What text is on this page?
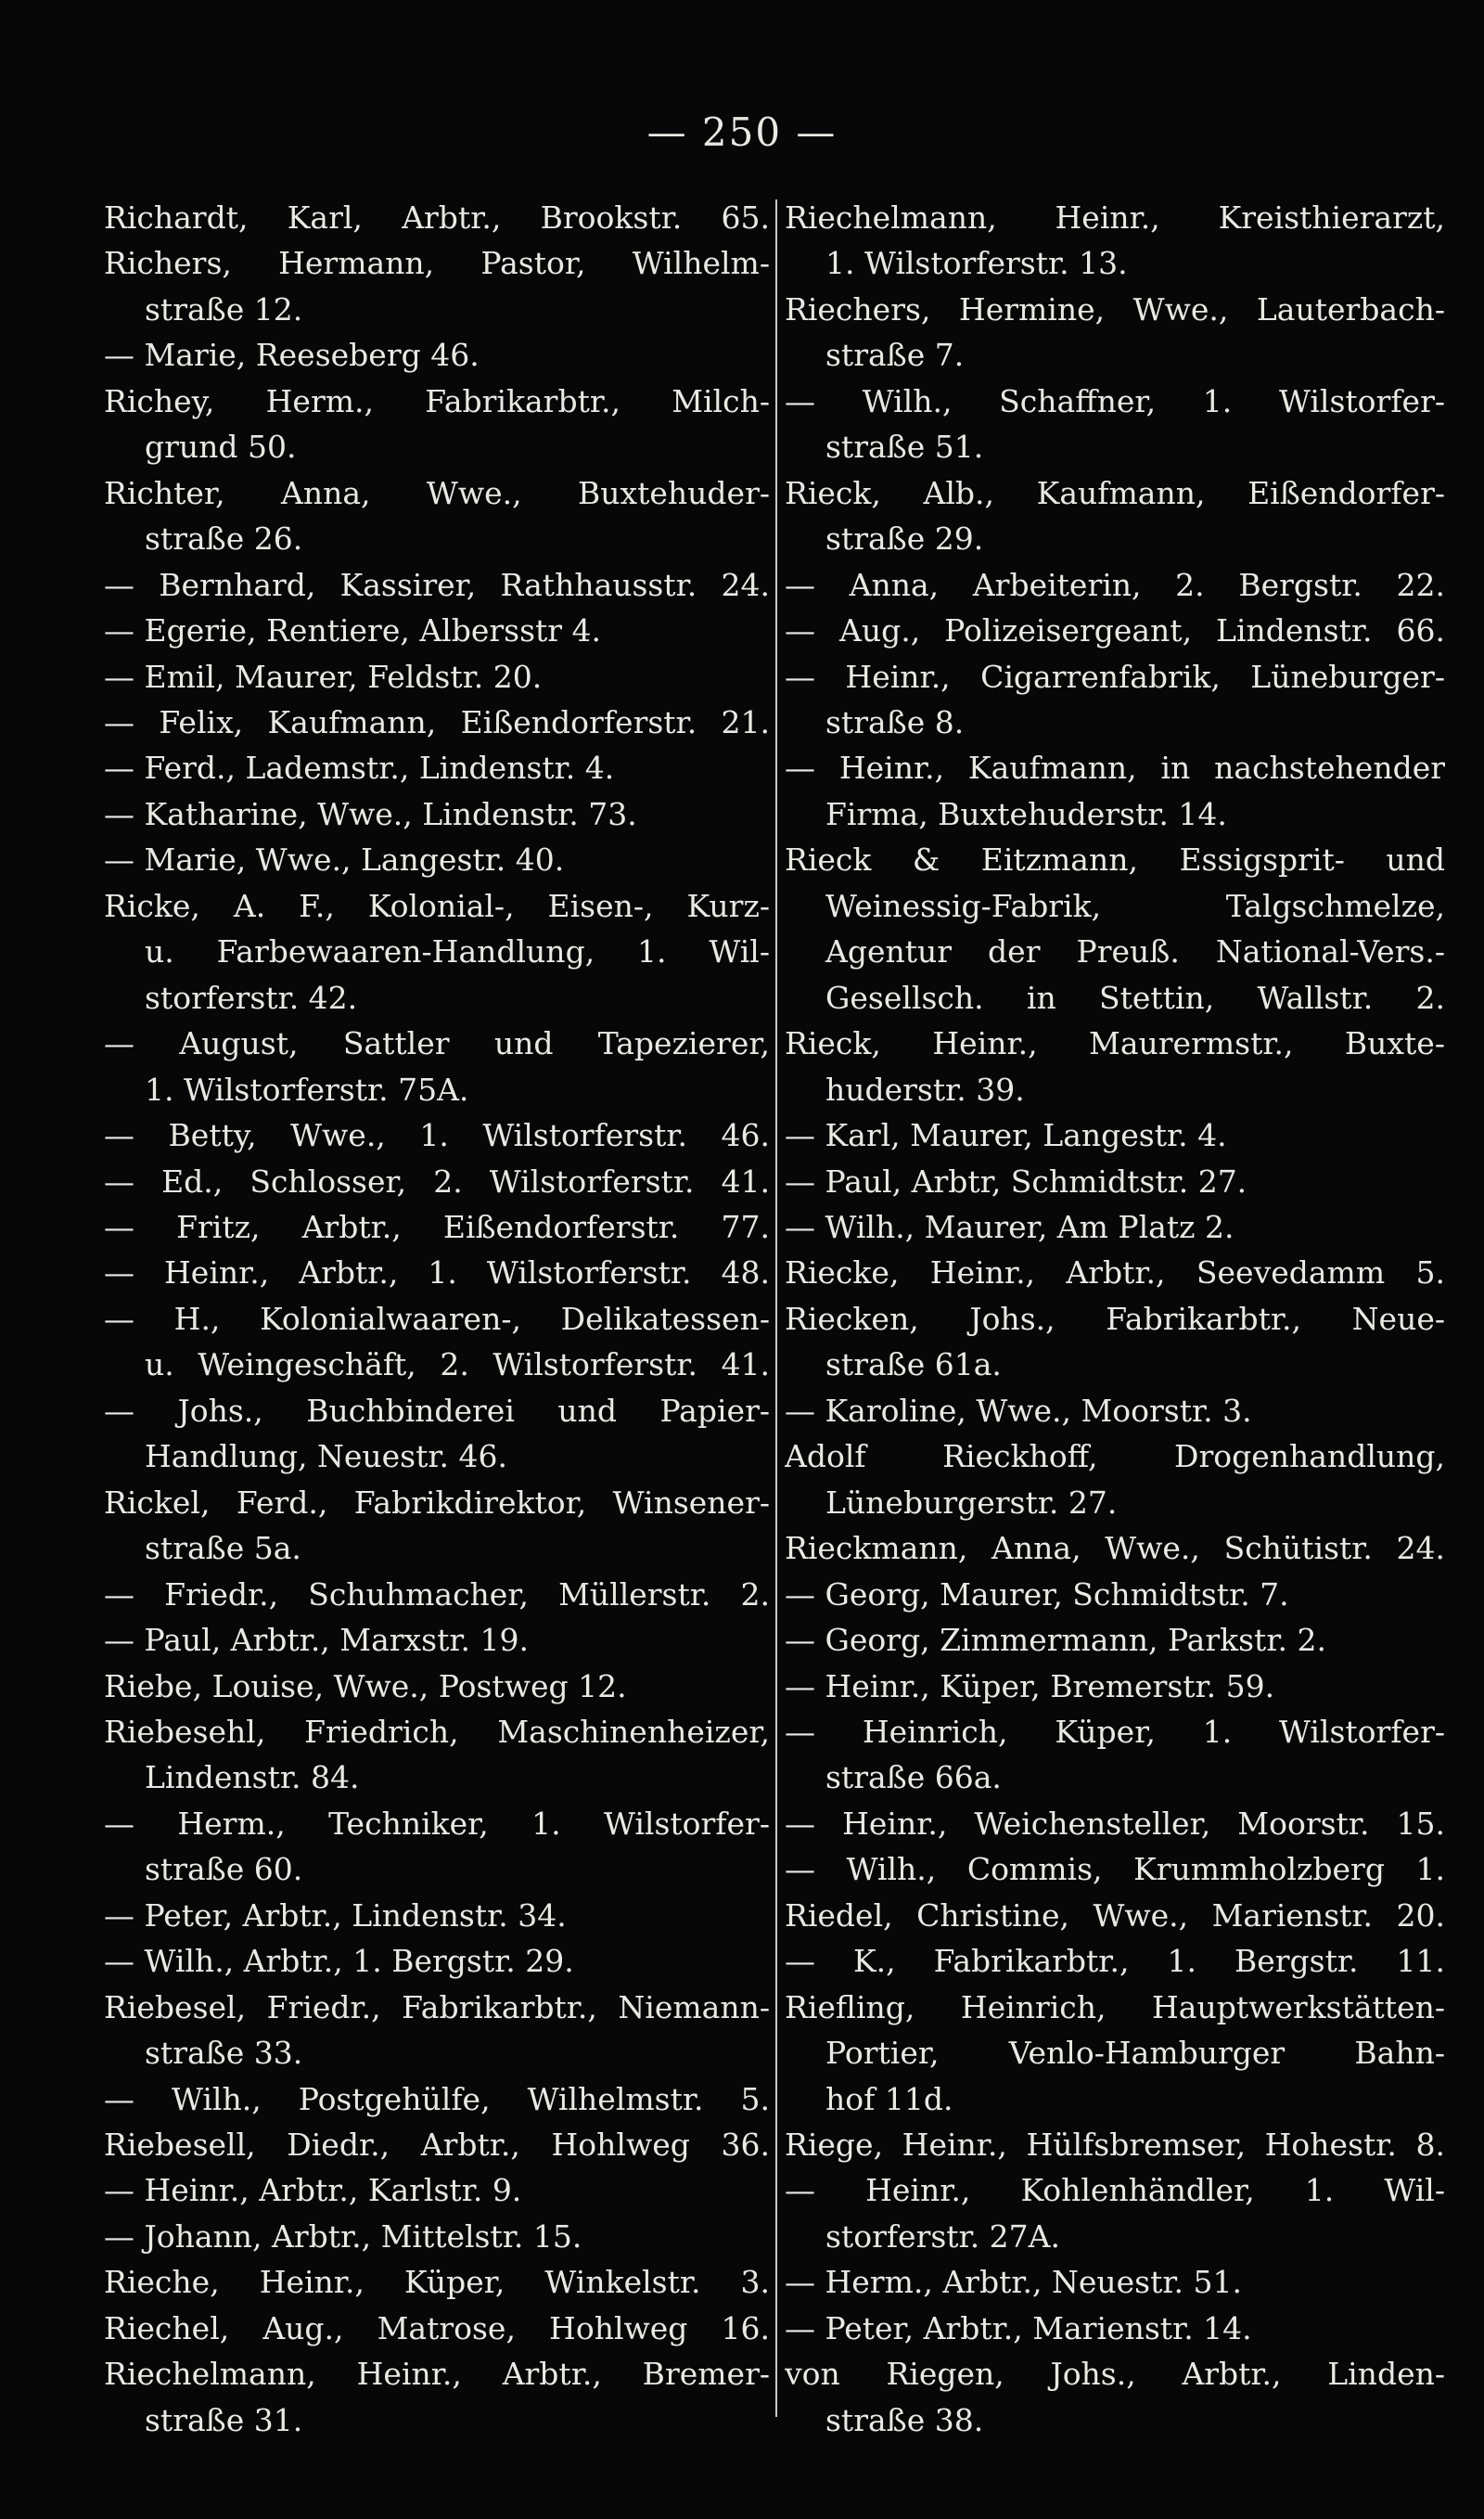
— 250 —
Richardt, Karl, Arbtr., Brookstr. 65.
Richers, Hermann, Pastor, Wilhelm-
straße 12.
— Marie, Reeseberg 46.
Richey, Herm., Fabrikarbtr., Milch-
grund 50.
Richter, Anna, Wwe., Buxtehuder-
straße 26.
— Bernhard, Kassirer, Rathhausstr. 24.
— Egerie, Rentiere, Albersstr 4.
— Emil, Maurer, Feldstr. 20.
— Felix, Kaufmann, Eißendorferstr. 21.
— Ferd., Lademstr., Lindenstr. 4.
— Katharine, Wwe., Lindenstr. 73.
— Marie, Wwe., Langestr. 40.
Ricke, A. F., Kolonial-, Eisen-, Kurz-
u. Farbewaaren-Handlung, 1. Wil-
storferstr. 42.
— August, Sattler und Tapezierer,
1. Wilstorferstr. 75A.
— Betty, Wwe., 1. Wilstorferstr. 46.
— Ed., Schlosser, 2. Wilstorferstr. 41.
— Fritz, Arbtr., Eißendorferstr. 77.
— Heinr., Arbtr., 1. Wilstorferstr. 48.
— H., Kolonialwaaren-, Delikatessen-
u. Weingeschäft, 2. Wilstorferstr. 41.
— Johs., Buchbinderei und Papier-
Handlung, Neuestr. 46.
Rickel, Ferd., Fabrikdirektor, Winsener-
straße 5a.
— Friedr., Schuhmacher, Müllerstr. 2.
— Paul, Arbtr., Marxstr. 19.
Riebe, Louise, Wwe., Postweg 12.
Riebesehl, Friedrich, Maschinenheizer,
Lindenstr. 84.
— Herm., Techniker, 1. Wilstorfer-
straße 60.
— Peter, Arbtr., Lindenstr. 34.
— Wilh., Arbtr., 1. Bergstr. 29.
Riebesel, Friedr., Fabrikarbtr., Niemann-
straße 33.
— Wilh., Postgehülfe, Wilhelmstr. 5.
Riebesell, Diedr., Arbtr., Hohlweg 36.
— Heinr., Arbtr., Karlstr. 9.
— Johann, Arbtr., Mittelstr. 15.
Rieche, Heinr., Küper, Winkelstr. 3.
Riechel, Aug., Matrose, Hohlweg 16.
Riechelmann, Heinr., Arbtr., Bremer-
straße 31.
Riechelmann, Heinr., Kreisthierarzt,
1. Wilstorferstr. 13.
Riechers, Hermine, Wwe., Lauterbach-
straße 7.
— Wilh., Schaffner, 1. Wilstorfer-
straße 51.
Rieck, Alb., Kaufmann, Eißendorfer-
straße 29.
— Anna, Arbeiterin, 2. Bergstr. 22.
— Aug., Polizeisergeant, Lindenstr. 66.
— Heinr., Cigarrenfabrik, Lüneburger-
straße 8.
— Heinr., Kaufmann, in nachstehender
Firma, Buxtehuderstr. 14.
Rieck & Eitzmann, Essigsprit- und
Weinessig-Fabrik, Talgschmelze,
Agentur der Preuß. National-Vers.-
Gesellsch. in Stettin, Wallstr. 2.
Rieck, Heinr., Maurermstr., Buxte-
huderstr. 39.
— Karl, Maurer, Langestr. 4.
— Paul, Arbtr, Schmidtstr. 27.
— Wilh., Maurer, Am Platz 2.
Riecke, Heinr., Arbtr., Seevedamm 5.
Riecken, Johs., Fabrikarbtr., Neue-
straße 61a.
— Karoline, Wwe., Moorstr. 3.
Adolf Rieckhoff, Drogenhandlung,
Lüneburgerstr. 27.
Rieckmann, Anna, Wwe., Schütistr. 24.
— Georg, Maurer, Schmidtstr. 7.
— Georg, Zimmermann, Parkstr. 2.
— Heinr., Küper, Bremerstr. 59.
— Heinrich, Küper, 1. Wilstorfer-
straße 66a.
— Heinr., Weichensteller, Moorstr. 15.
— Wilh., Commis, Krummholzberg 1.
Riedel, Christine, Wwe., Marienstr. 20.
— K., Fabrikarbtr., 1. Bergstr. 11.
Riefling, Heinrich, Hauptwerkstätten-
Portier, Venlo-Hamburger Bahn-
hof 11d.
Riege, Heinr., Hülfsbremser, Hohestr. 8.
— Heinr., Kohlenhändler, 1. Wil-
storferstr. 27A.
— Herm., Arbtr., Neuestr. 51.
— Peter, Arbtr., Marienstr. 14.
von Riegen, Johs., Arbtr., Linden-
straße 38.
